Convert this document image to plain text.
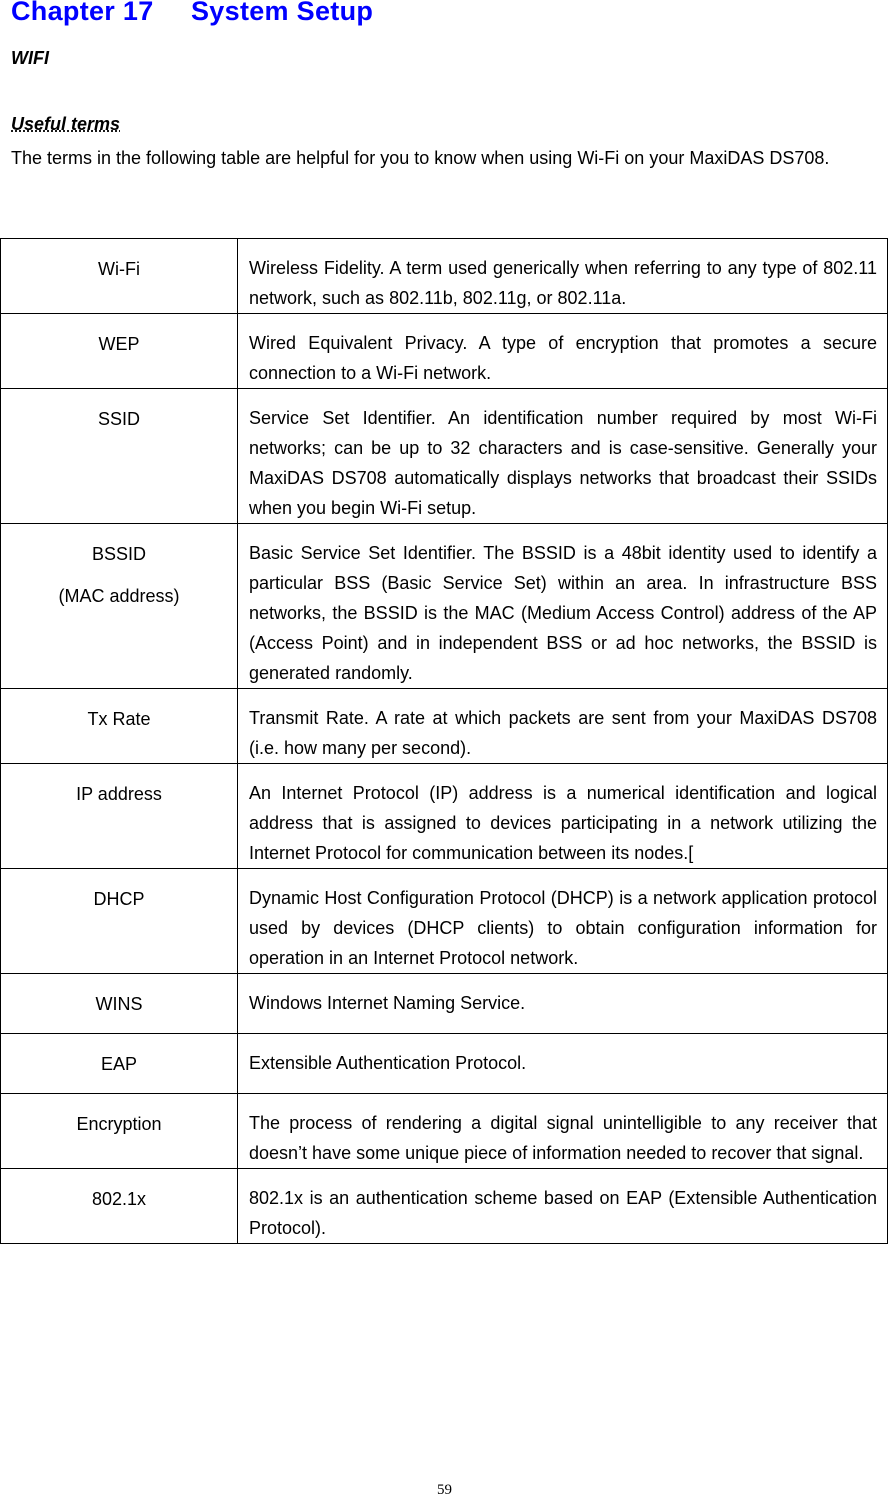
Chapter 17 System Setup
WIFI
Useful terms

The terms in the following table are helpful for you to know when using Wi-Fi on your MaxiDAS DS708.

Wi-Fi	Wireless Fidelity. A term used generically when referring to any type of 802.11 network, such as 802.11b, 802.11g, or 802.11a.

WEP	Wired Equivalent Privacy. A type of encryption that promotes a secure connection to a Wi-Fi network.

SSID	Service Set Identifier. An identification number required by most Wi-Fi networks; can be up to 32 characters and is case-sensitive. Generally your MaxiDAS DS708 automatically displays networks that broadcast their SSIDs when you begin Wi-Fi setup.

BSSID
(MAC address)	Basic Service Set Identifier. The BSSID is a 48bit identity used to identify a particular BSS (Basic Service Set) within an area. In infrastructure BSS networks, the BSSID is the MAC (Medium Access Control) address of the AP (Access Point) and in independent BSS or ad hoc networks, the BSSID is generated randomly.

Tx Rate	Transmit Rate. A rate at which packets are sent from your MaxiDAS DS708 (i.e. how many per second).

IP address	An Internet Protocol (IP) address is a numerical identification and logical address that is assigned to devices participating in a network utilizing the Internet Protocol for communication between its nodes.[

DHCP	Dynamic Host Configuration Protocol (DHCP) is a network application protocol used by devices (DHCP clients) to obtain configuration information for operation in an Internet Protocol network.

WINS	Windows Internet Naming Service.

EAP	Extensible Authentication Protocol.

Encryption	The process of rendering a digital signal unintelligible to any receiver that doesn’t have some unique piece of information needed to recover that signal.

802.1x	802.1x is an authentication scheme based on EAP (Extensible Authentication Protocol).
59
